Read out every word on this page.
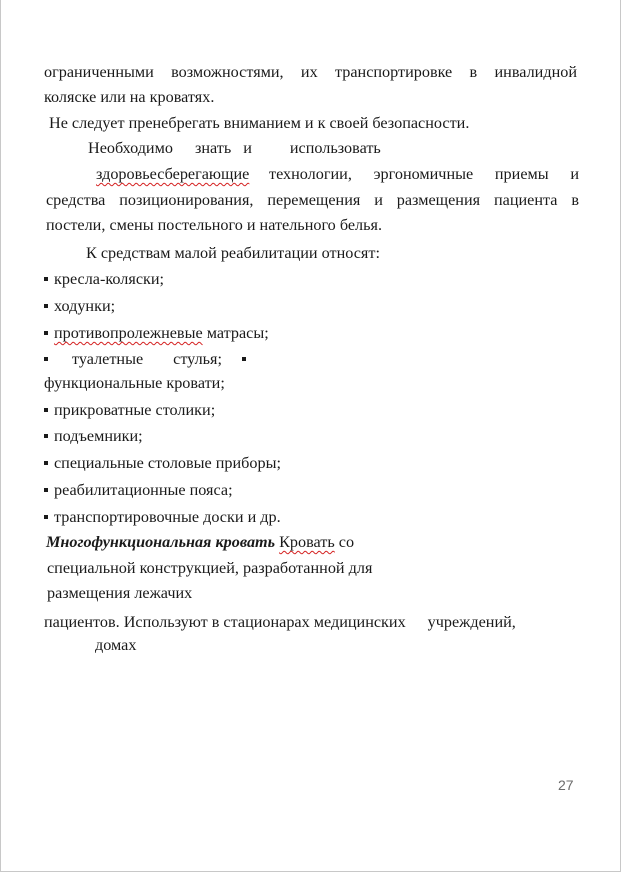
ограниченными возможностями, их транспортировке в инвалидной
коляске или на кроватях.
Не следует пренебрегать вниманием и к своей безопасности.
Необходимо знать и использовать
здоровьесберегающие технологии, эргономичные приемы и
средства позиционирования, перемещения и размещения пациента в
постели, смены постельного и нательного белья.
К средствам малой реабилитации относят:
кресла-коляски;
ходунки;
противопролежневые матрасы;
туалетные стулья;
функциональные кровати;
прикроватные столики;
подъемники;
специальные столовые приборы;
реабилитационные пояса;
транспортировочные доски и др.
Многофункциональная кровать Кровать со
специальной конструкцией, разработанной для
размещения лежачих
пациентов. Используют в стационарах медицинских учреждений,
домах
27
